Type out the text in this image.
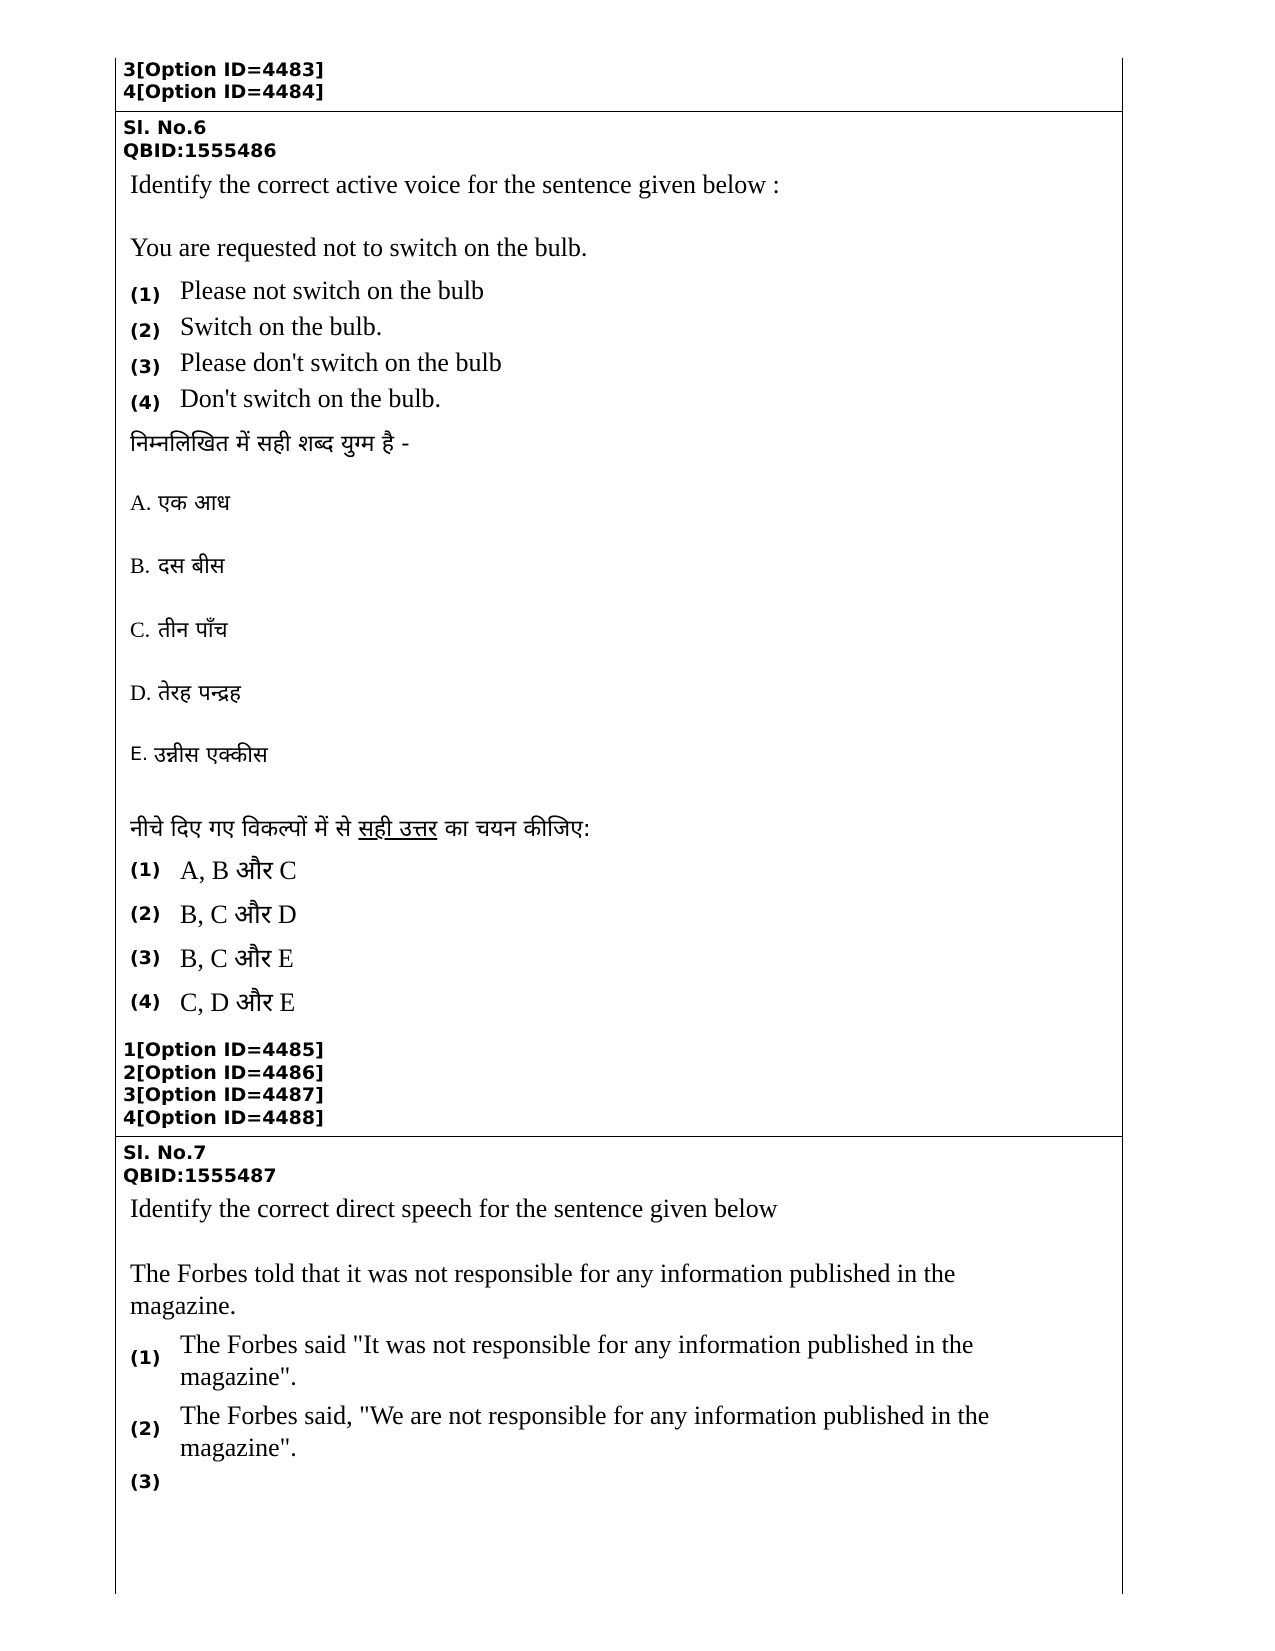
3[Option ID=4483]
4[Option ID=4484]
Sl. No.6
QBID:1555486
Identify the correct active voice for the sentence given below :
You are requested not to switch on the bulb.
(1) Please not switch on the bulb
(2) Switch on the bulb.
(3) Please don't switch on the bulb
(4) Don't switch on the bulb.
निम्नलिखित में सही शब्द युग्म है -
A. एक आध
B. दस बीस
C. तीन पाँच
D. तेरह पन्द्रह
E. उन्नीस एक्कीस
नीचे दिए गए विकल्पों में से सही उत्तर का चयन कीजिए:
(1) A, B और C
(2) B, C और D
(3) B, C और E
(4) C, D और E
1[Option ID=4485]
2[Option ID=4486]
3[Option ID=4487]
4[Option ID=4488]
Sl. No.7
QBID:1555487
Identify the correct direct speech for the sentence given below
The Forbes told that it was not responsible for any information published in the magazine.
(1) The Forbes said "It was not responsible for any information published in the magazine".
(2) The Forbes said, "We are not responsible for any information published in the magazine".
(3)
